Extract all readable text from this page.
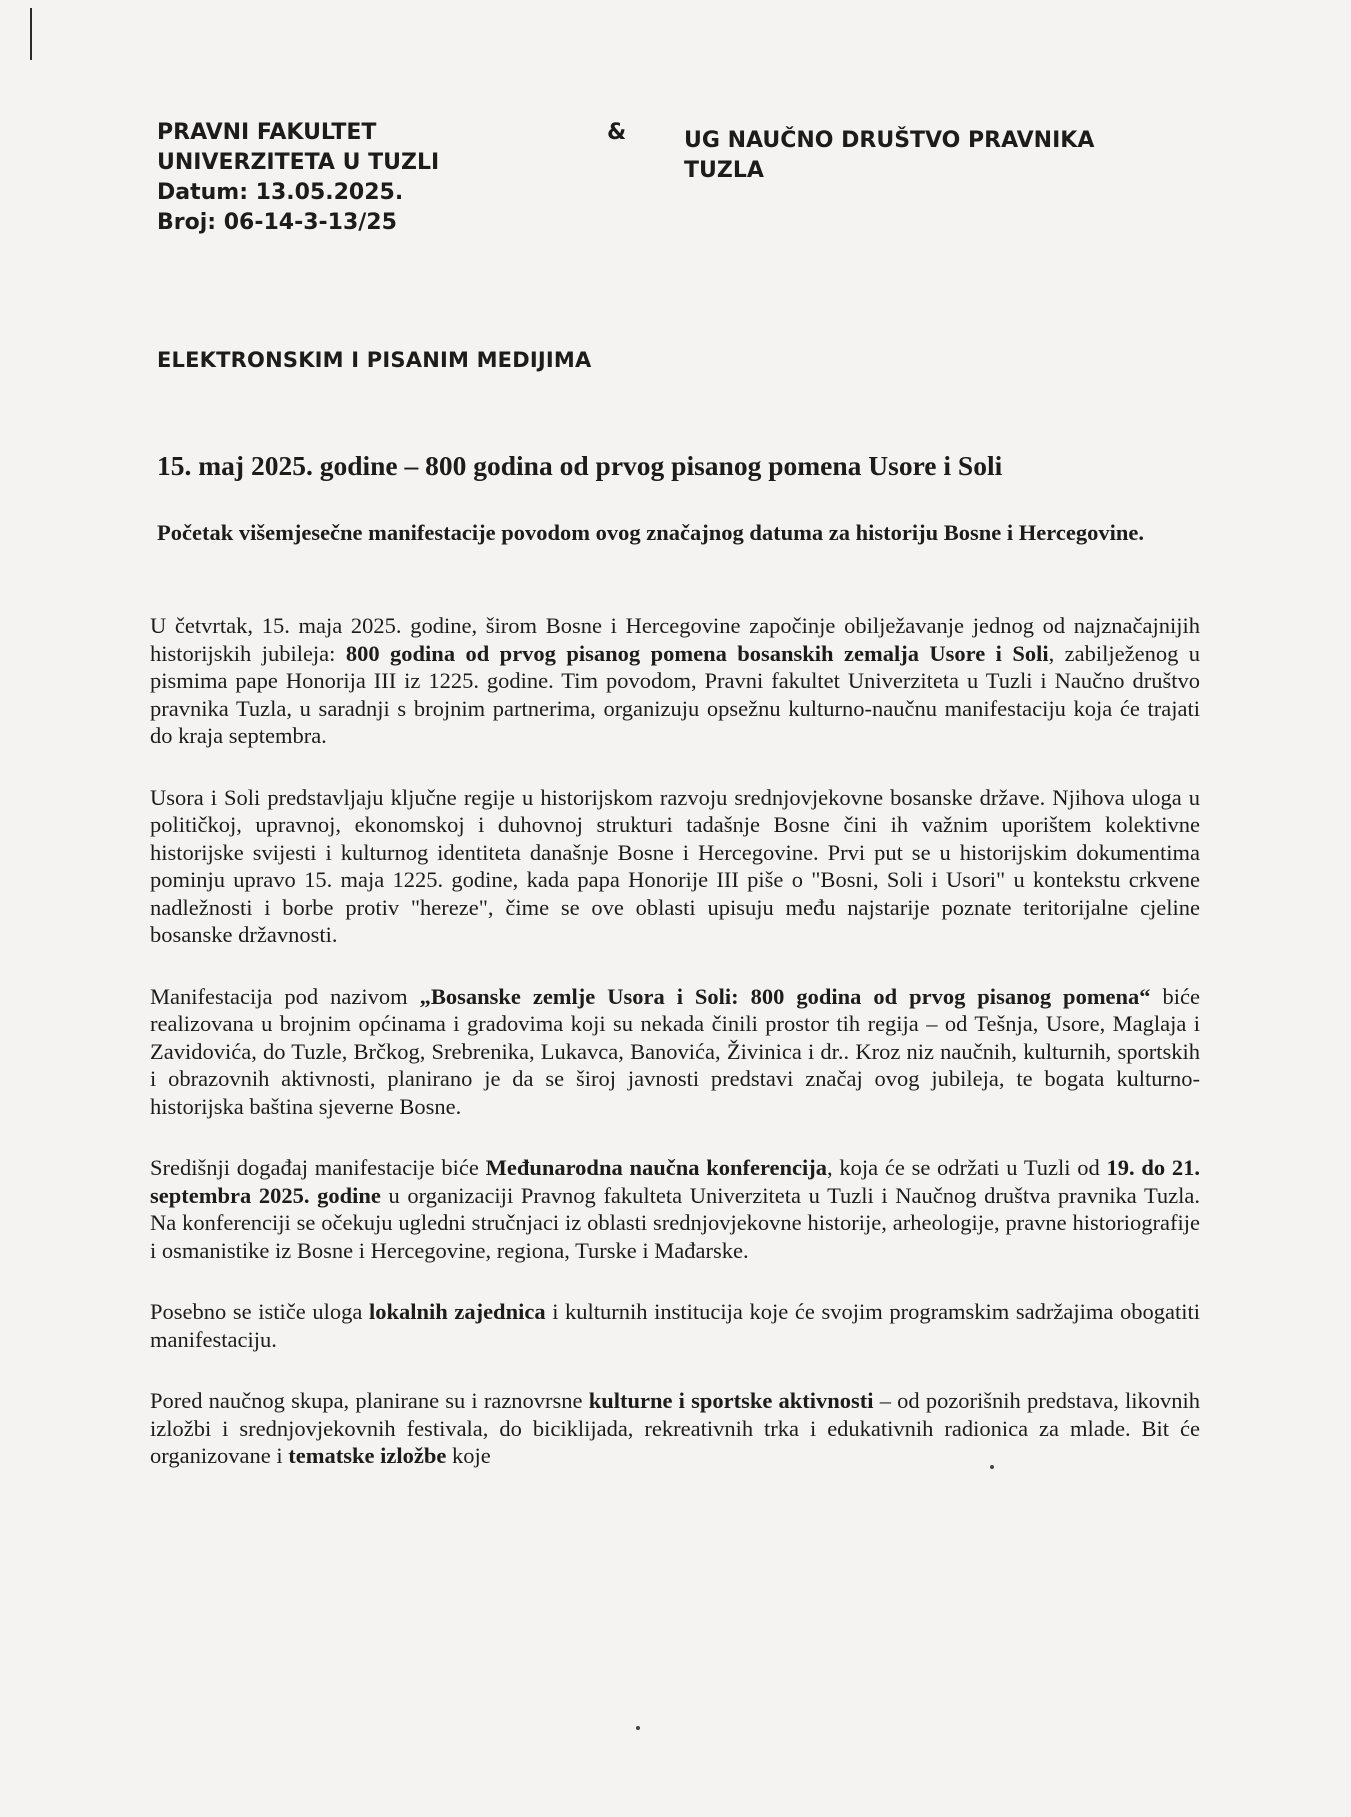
PRAVNI FAKULTET
UNIVERZITETA U TUZLI
Datum: 13.05.2025.
Broj: 06-14-3-13/25
&	UG NAUČNO DRUŠTVO PRAVNIKA
TUZLA
ELEKTRONSKIM I PISANIM MEDIJIMA
15. maj 2025. godine – 800 godina od prvog pisanog pomena Usore i Soli
Početak višemjesečne manifestacije povodom ovog značajnog datuma za historiju Bosne i Hercegovine.

U četvrtak, 15. maja 2025. godine, širom Bosne i Hercegovine započinje obilježavanje jednog od najznačajnijih historijskih jubileja: 800 godina od prvog pisanog pomena bosanskih zemalja Usore i Soli, zabilježenog u pismima pape Honorija III iz 1225. godine. Tim povodom, Pravni fakultet Univerziteta u Tuzli i Naučno društvo pravnika Tuzla, u saradnji s brojnim partnerima, organizuju opsežnu kulturno-naučnu manifestaciju koja će trajati do kraja septembra.

Usora i Soli predstavljaju ključne regije u historijskom razvoju srednjovjekovne bosanske države. Njihova uloga u političkoj, upravnoj, ekonomskoj i duhovnoj strukturi tadašnje Bosne čini ih važnim uporištem kolektivne historijske svijesti i kulturnog identiteta današnje Bosne i Hercegovine. Prvi put se u historijskim dokumentima pominju upravo 15. maja 1225. godine, kada papa Honorije III piše o "Bosni, Soli i Usori" u kontekstu crkvene nadležnosti i borbe protiv "hereze", čime se ove oblasti upisuju među najstarije poznate teritorijalne cjeline bosanske državnosti.

Manifestacija pod nazivom „Bosanske zemlje Usora i Soli: 800 godina od prvog pisanog pomena“ biće realizovana u brojnim općinama i gradovima koji su nekada činili prostor tih regija – od Tešnja, Usore, Maglaja i Zavidovića, do Tuzle, Brčkog, Srebrenika, Lukavca, Banovića, Živinica i dr.. Kroz niz naučnih, kulturnih, sportskih i obrazovnih aktivnosti, planirano je da se široj javnosti predstavi značaj ovog jubileja, te bogata kulturno-historijska baština sjeverne Bosne.

Središnji događaj manifestacije biće Međunarodna naučna konferencija, koja će se održati u Tuzli od 19. do 21. septembra 2025. godine u organizaciji Pravnog fakulteta Univerziteta u Tuzli i Naučnog društva pravnika Tuzla. Na konferenciji se očekuju ugledni stručnjaci iz oblasti srednjovjekovne historije, arheologije, pravne historiografije i osmanistike iz Bosne i Hercegovine, regiona, Turske i Mađarske.

Posebno se ističe uloga lokalnih zajednica i kulturnih institucija koje će svojim programskim sadržajima obogatiti manifestaciju.

Pored naučnog skupa, planirane su i raznovrsne kulturne i sportske aktivnosti – od pozorišnih predstava, likovnih izložbi i srednjovjekovnih festivala, do biciklijada, rekreativnih trka i edukativnih radionica za mlade. Bit će organizovane i tematske izložbe koje
